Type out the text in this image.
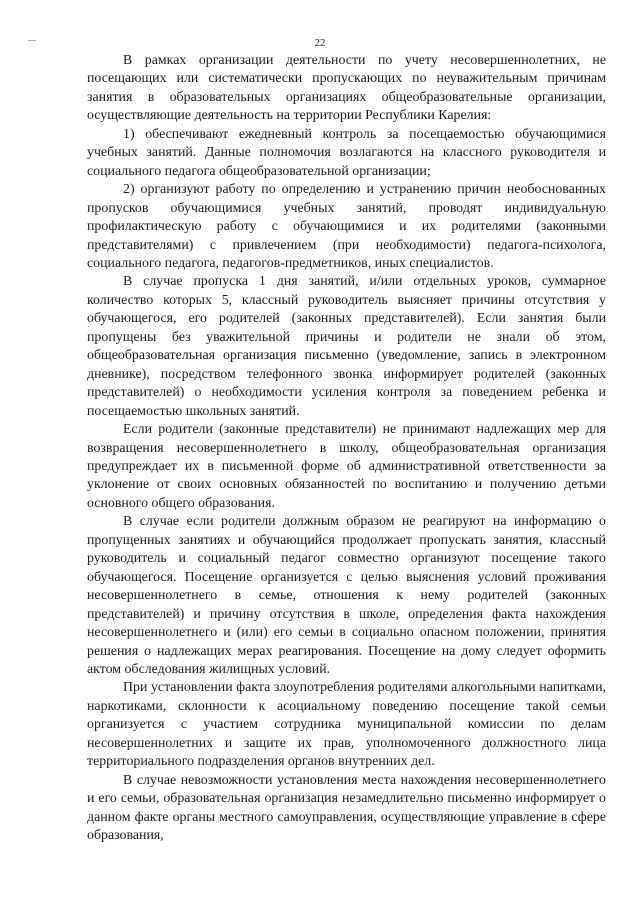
22

В рамках организации деятельности по учету несовершеннолетних, не посещающих или систематически пропускающих по неуважительным причинам занятия в образовательных организациях общеобразовательные организации, осуществляющие деятельность на территории Республики Карелия:

1) обеспечивают ежедневный контроль за посещаемостью обучающимися учебных занятий. Данные полномочия возлагаются на классного руководителя и социального педагога общеобразовательной организации;

2) организуют работу по определению и устранению причин необоснованных пропусков обучающимися учебных занятий, проводят индивидуальную профилактическую работу с обучающимися и их родителями (законными представителями) с привлечением (при необходимости) педагога-психолога, социального педагога, педагогов-предметников, иных специалистов.

В случае пропуска 1 дня занятий, и/или отдельных уроков, суммарное количество которых 5, классный руководитель выясняет причины отсутствия у обучающегося, его родителей (законных представителей). Если занятия были пропущены без уважительной причины и родители не знали об этом, общеобразовательная организация письменно (уведомление, запись в электронном дневнике), посредством телефонного звонка информирует родителей (законных представителей) о необходимости усиления контроля за поведением ребенка и посещаемостью школьных занятий.

Если родители (законные представители) не принимают надлежащих мер для возвращения несовершеннолетнего в школу, общеобразовательная организация предупреждает их в письменной форме об административной ответственности за уклонение от своих основных обязанностей по воспитанию и получению детьми основного общего образования.

В случае если родители должным образом не реагируют на информацию о пропущенных занятиях и обучающийся продолжает пропускать занятия, классный руководитель и социальный педагог совместно организуют посещение такого обучающегося. Посещение организуется с целью выяснения условий проживания несовершеннолетнего в семье, отношения к нему родителей (законных представителей) и причину отсутствия в школе, определения факта нахождения несовершеннолетнего и (или) его семьи в социально опасном положении, принятия решения о надлежащих мерах реагирования. Посещение на дому следует оформить актом обследования жилищных условий.

При установлении факта злоупотребления родителями алкогольными напитками, наркотиками, склонности к асоциальному поведению посещение такой семьи организуется с участием сотрудника муниципальной комиссии по делам несовершеннолетних и защите их прав, уполномоченного должностного лица территориального подразделения органов внутренних дел.

В случае невозможности установления места нахождения несовершеннолетнего и его семьи, образовательная организация незамедлительно письменно информирует о данном факте органы местного самоуправления, осуществляющие управление в сфере образования,
